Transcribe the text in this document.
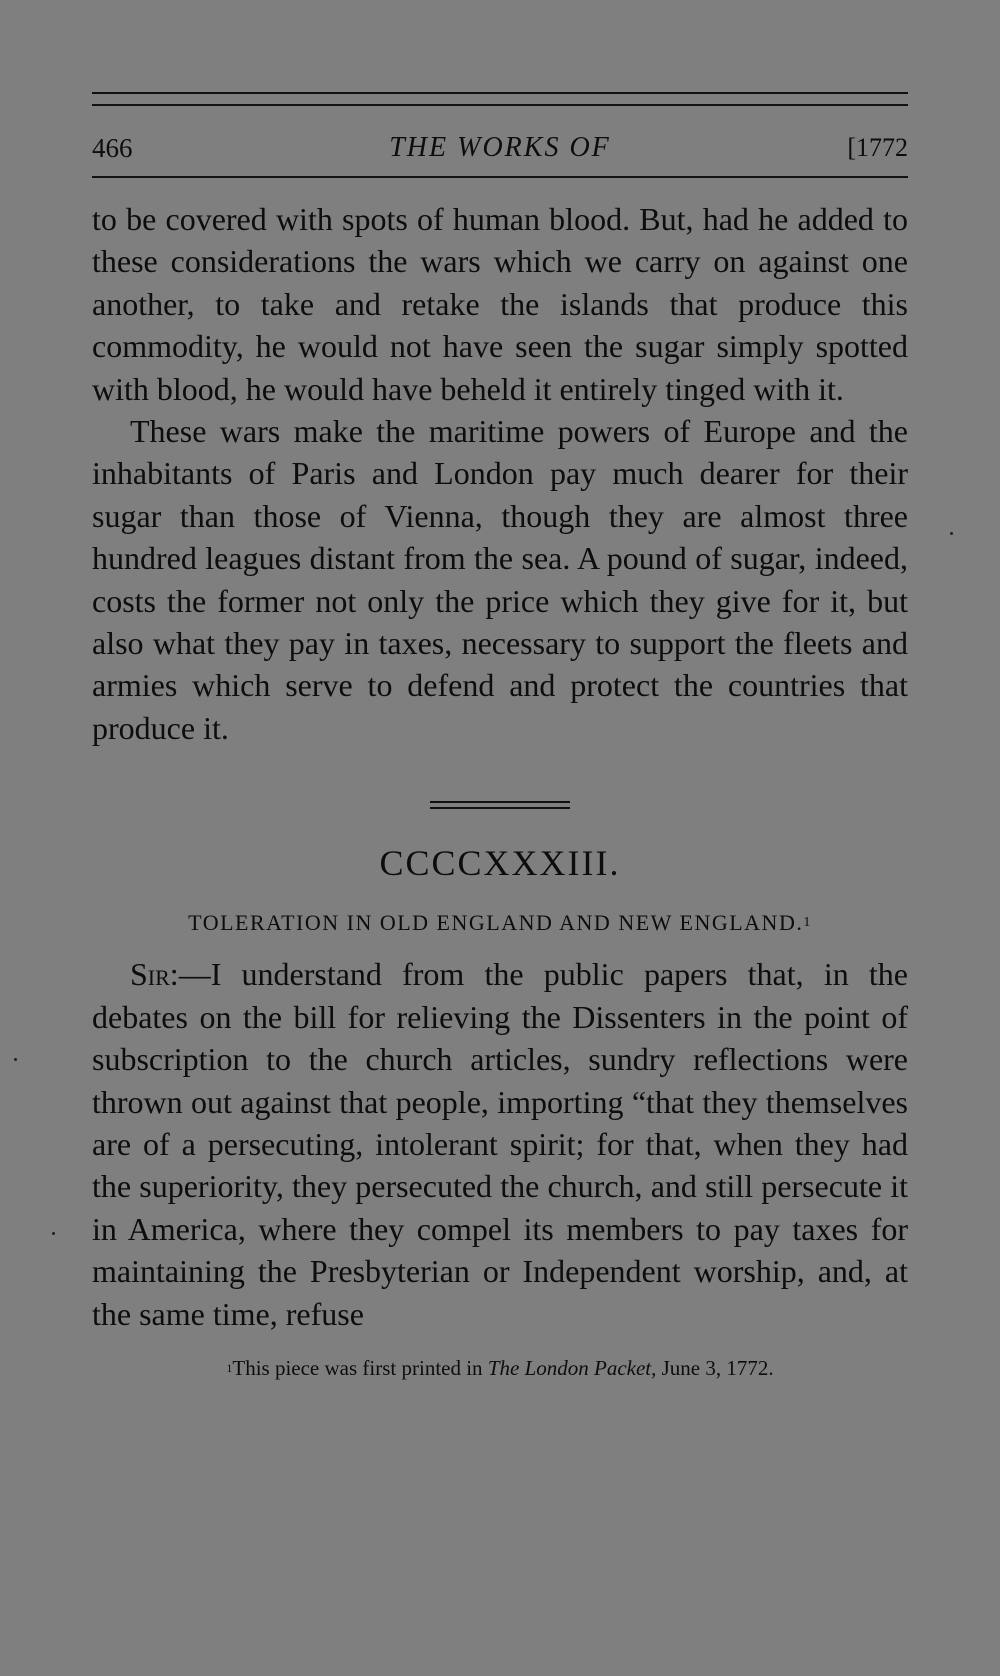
466	THE WORKS OF	[1772

to be covered with spots of human blood. But, had he added to these considerations the wars which we carry on against one another, to take and retake the islands that produce this commodity, he would not have seen the sugar simply spotted with blood, he would have beheld it entirely tinged with it.

These wars make the maritime powers of Europe and the inhabitants of Paris and London pay much dearer for their sugar than those of Vienna, though they are almost three hundred leagues distant from the sea. A pound of sugar, indeed, costs the former not only the price which they give for it, but also what they pay in taxes, necessary to support the fleets and armies which serve to defend and protect the countries that produce it.

CCCCXXXIII.
TOLERATION IN OLD ENGLAND AND NEW ENGLAND.$^1$

Sir:—I understand from the public papers that, in the debates on the bill for relieving the Dissenters in the point of subscription to the church articles, sundry reflections were thrown out against that people, importing “that they themselves are of a persecuting, intolerant spirit; for that, when they had the superiority, they persecuted the church, and still persecute it in America, where they compel its members to pay taxes for maintaining the Presbyterian or Independent worship, and, at the same time, refuse

$^1$This piece was first printed in The London Packet, June 3, 1772.
